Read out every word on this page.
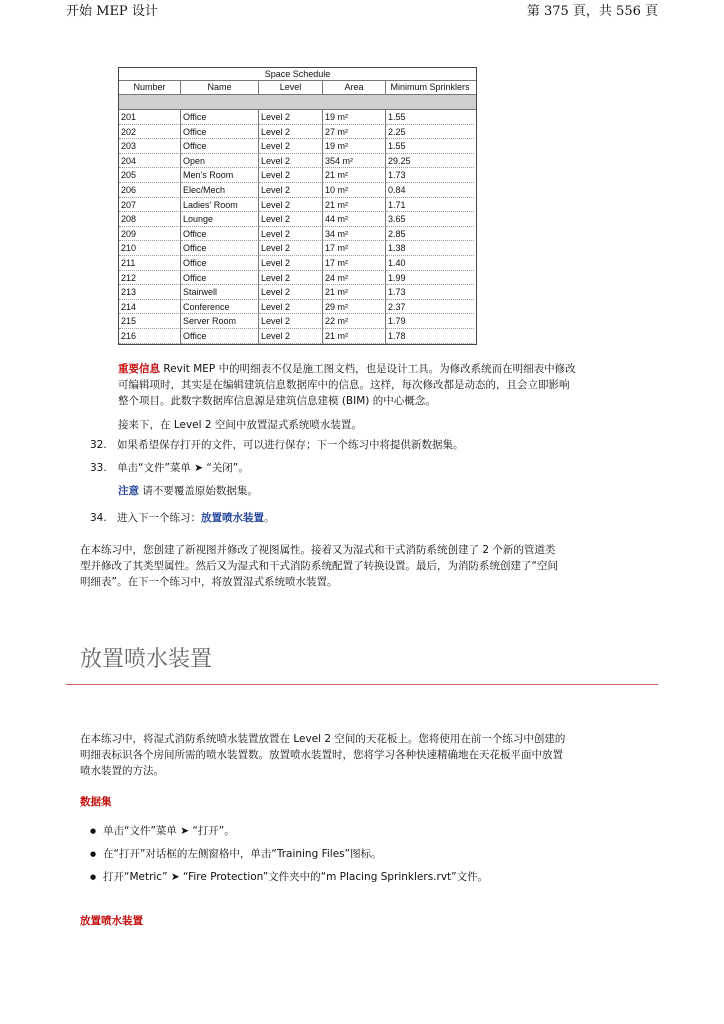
开始 MEP 设计	第 375 頁，共 556 頁
Space Schedule
Number	Name	Level	Area	Minimum Sprinklers
201	Office	Level 2	19 m²	1.55
202	Office	Level 2	27 m²	2.25
203	Office	Level 2	19 m²	1.55
204	Open	Level 2	354 m²	29.25
205	Men's Room	Level 2	21 m²	1.73
206	Elec/Mech	Level 2	10 m²	0.84
207	Ladies' Room	Level 2	21 m²	1.71
208	Lounge	Level 2	44 m²	3.65
209	Office	Level 2	34 m²	2.85
210	Office	Level 2	17 m²	1.38
211	Office	Level 2	17 m²	1.40
212	Office	Level 2	24 m²	1.99
213	Stairwell	Level 2	21 m²	1.73
214	Conference	Level 2	29 m²	2.37
215	Server Room	Level 2	22 m²	1.79
216	Office	Level 2	21 m²	1.78
重要信息 Revit MEP 中的明细表不仅是施工图文档，也是设计工具。为修改系统而在明细表中修改
可编辑项时，其实是在编辑建筑信息数据库中的信息。这样，每次修改都是动态的，且会立即影响
整个项目。此数字数据库信息源是建筑信息建模 (BIM) 的中心概念。
接来下，在 Level 2 空间中放置湿式系统喷水装置。
32. 如果希望保存打开的文件，可以进行保存；下一个练习中将提供新数据集。
33. 单击“文件”菜单 ➤ “关闭”。
注意 请不要覆盖原始数据集。
34. 进入下一个练习：放置喷水装置。
在本练习中，您创建了新视图并修改了视图属性。接着又为湿式和干式消防系统创建了 2 个新的管道类
型并修改了其类型属性。然后又为湿式和干式消防系统配置了转换设置。最后，为消防系统创建了“空间
明细表”。在下一个练习中，将放置湿式系统喷水装置。
放置喷水装置
在本练习中，将湿式消防系统喷水装置放置在 Level 2 空间的天花板上。您将使用在前一个练习中创建的
明细表标识各个房间所需的喷水装置数。放置喷水装置时，您将学习各种快速精确地在天花板平面中放置
喷水装置的方法。
数据集
● 单击“文件”菜单 ➤ “打开”。
● 在“打开”对话框的左侧窗格中，单击“Training Files”图标。
● 打开“Metric” ➤ “Fire Protection”文件夹中的“m Placing Sprinklers.rvt”文件。
放置喷水装置
